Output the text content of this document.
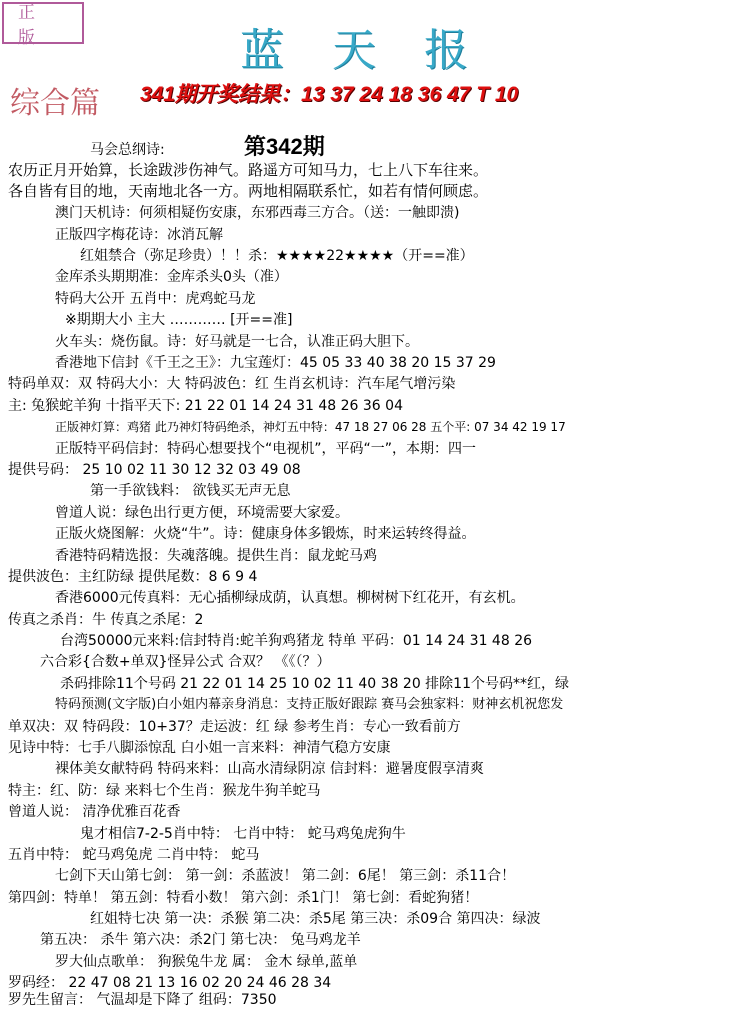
正 版	蓝天报
综合篇 341期开奖结果：13 37 24 18 36 47 T 10
第342期
马会总纲诗:
农历正月开始算，长途跋涉伤神气。路遥方可知马力，七上八下车往来。
各自皆有目的地，天南地北各一方。两地相隔联系忙，如若有情何顾虑。
澳门天机诗：何须相疑伤安康，东邪西毒三方合。（送：一触即溃)
正版四字梅花诗：冰消瓦解
红姐禁合（弥足珍贵）！！杀：★★★★22★★★★（开==准）
金库杀头期期准：金库杀头0头（准）
特码大公开 五肖中：虎鸡蛇马龙
※期期大小 主大 ………… [开==准]
火车头：烧伤鼠。诗：好马就是一七合，认准正码大胆下。
香港地下信封《千王之王》：九宝莲灯：45 05 33 40 38 20 15 37 29
特码单双：双 特码大小：大 特码波色：红 生肖玄机诗：汽车尾气增污染
主: 兔猴蛇羊狗 十指平天下: 21 22 01 14 24 31 48 26 36 04
正版神灯算：鸡猪 此乃神灯特码绝杀，神灯五中特：47 18 27 06 28 五个平: 07 34 42 19 17
正版特平码信封：特码心想要找个“电视机”，平码“一”，本期：四一
提供号码： 25 10 02 11 30 12 32 03 49 08
第一手欲钱料： 欲钱买无声无息
曾道人说：绿色出行更方便，环境需要大家爱。
正版火烧图解：火烧“牛”。诗：健康身体多锻炼，时来运转终得益。
香港特码精选报：失魂落魄。提供生肖：鼠龙蛇马鸡
提供波色：主红防绿 提供尾数：8 6 9 4
香港6000元传真料：无心插柳绿成荫，认真想。柳树树下红花开，有玄机。
传真之杀肖：牛 传真之杀尾：2
台湾50000元来料:信封特肖:蛇羊狗鸡猪龙 特单 平码：01 14 24 31 48 26
六合彩{合数+单双}怪异公式 合双？ 《《（？）
杀码排除11个号码 21 22 01 14 25 10 02 11 40 38 20 排除11个号码**红，绿
特码预测(文字版)白小姐内幕亲身消息：支持正版好跟踪 赛马会独家料：财神玄机祝您发
单双决：双 特码段：10+37？走运波：红 绿 参考生肖：专心一致看前方
见诗中特：七手八脚添惊乱 白小姐一言来料：神清气稳方安康
裸体美女献特码 特码来料：山高水清绿阴凉 信封料：避暑度假享清爽
特主：红、防：绿 来料七个生肖：猴龙牛狗羊蛇马
曾道人说： 清净优雅百花香
鬼才相信7-2-5肖中特： 七肖中特： 蛇马鸡兔虎狗牛
五肖中特： 蛇马鸡兔虎 二肖中特： 蛇马
七剑下天山第七剑： 第一剑：杀蓝波！ 第二剑：6尾！ 第三剑：杀11合！
第四剑：特单！ 第五剑：特看小数！ 第六剑：杀1门！ 第七剑：看蛇狗猪！
红姐特七决 第一决：杀猴 第二决：杀5尾 第三决：杀09合 第四决：绿波
第五决： 杀牛 第六决：杀2门 第七决： 兔马鸡龙羊
罗大仙点歌单： 狗猴兔牛龙 属： 金木 绿单,蓝单
罗码经： 22 47 08 21 13 16 02 20 24 46 28 34
罗先生留言： 气温却是下降了 组码：7350
